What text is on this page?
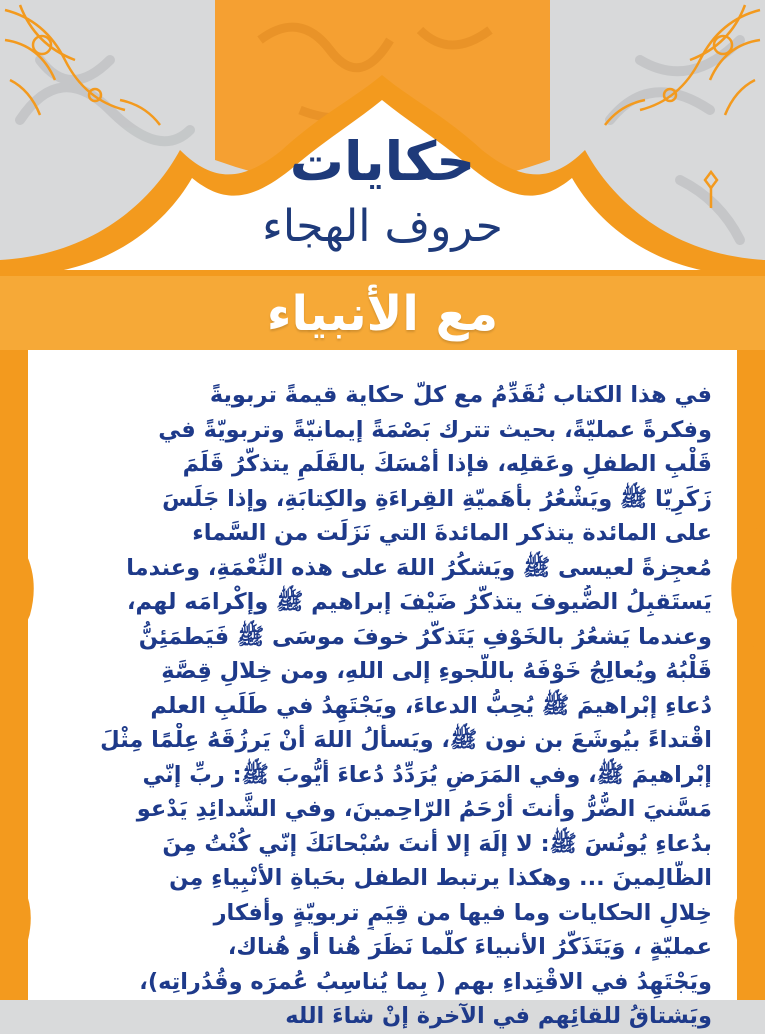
حكايات
حروف الهجاء
مع الأنبياء
في هذا الكتاب نُقَدِّمُ مع كلّ حكاية قيمةً تربويةً
وفكرةً عمليّةً، بحيث تترك بَصْمَةً إيمانيّةً وتربويّةً في
قَلْبِ الطفلِ وعَقلِه، فإذا أمْسَكَ بالقَلَمِ يتذكَّرُ قَلَمَ
زَكَرِيّا ﷺ ويَشْعُرُ بأهَميّةِ القِراءَةِ والكِتابَةِ، وإذا جَلَسَ
على المائدة يتذكر المائدةَ التي نَزَلَت من السَّماء
مُعجِزةً لعيسى ﷺ ويَشكُرُ اللهَ على هذه النِّعْمَةِ، وعندما
يَستَقبِلُ الضُّيوفَ يتذكَّرُ ضَيْفَ إبراهيم ﷺ وإكْرامَه لهم،
وعندما يَشعُرُ بالخَوْفِ يَتَذكَّرُ خوفَ موسَى ﷺ فَيَطمَئِنُّ
قَلْبُهُ ويُعالِجُ خَوْفَهُ باللَّجوءِ إلى اللهِ، ومن خِلالِ قِصَّةِ
دُعاءِ إبْراهيمَ ﷺ يُحِبُّ الدعاءَ، ويَجْتَهِدُ في طَلَبِ العلم
اقْتداءً بيُوشَعَ بن نون ﷺ، ويَسألُ اللهَ أنْ يَرزُقَهُ عِلْمًا مِثْلَ
إبْراهيمَ ﷺ، وفي المَرَضِ يُرَدِّدُ دُعاءَ أيُّوبَ ﷺ: ربِّ إنّي
مَسَّنيَ الضُّرُّ وأنتَ أرْحَمُ الرّاحِمينَ، وفي الشَّدائِدِ يَدْعو
بدُعاءِ يُونُسَ ﷺ: لا إلَهَ إلا أنتَ سُبْحانَكَ إنّي كُنْتُ مِنَ
الظّالِمينَ ... وهكذا يرتبط الطفل بحَياةِ الأنْبِياءِ مِن
خِلالِ الحكايات وما فيها من قِيَمٍ تربويّةٍ وأفكار
عمليّةٍ ، وَيَتَذَكَّرُ الأنبياءَ كلَّما نَظَرَ هُنا أو هُناك،
ويَجْتَهِدُ في الاقْتِداءِ بهم ( بِما يُناسِبُ عُمرَه وقُدُراتِه)،
ويَشتاقُ للقائِهم في الآخرة إنْ شاءَ الله
